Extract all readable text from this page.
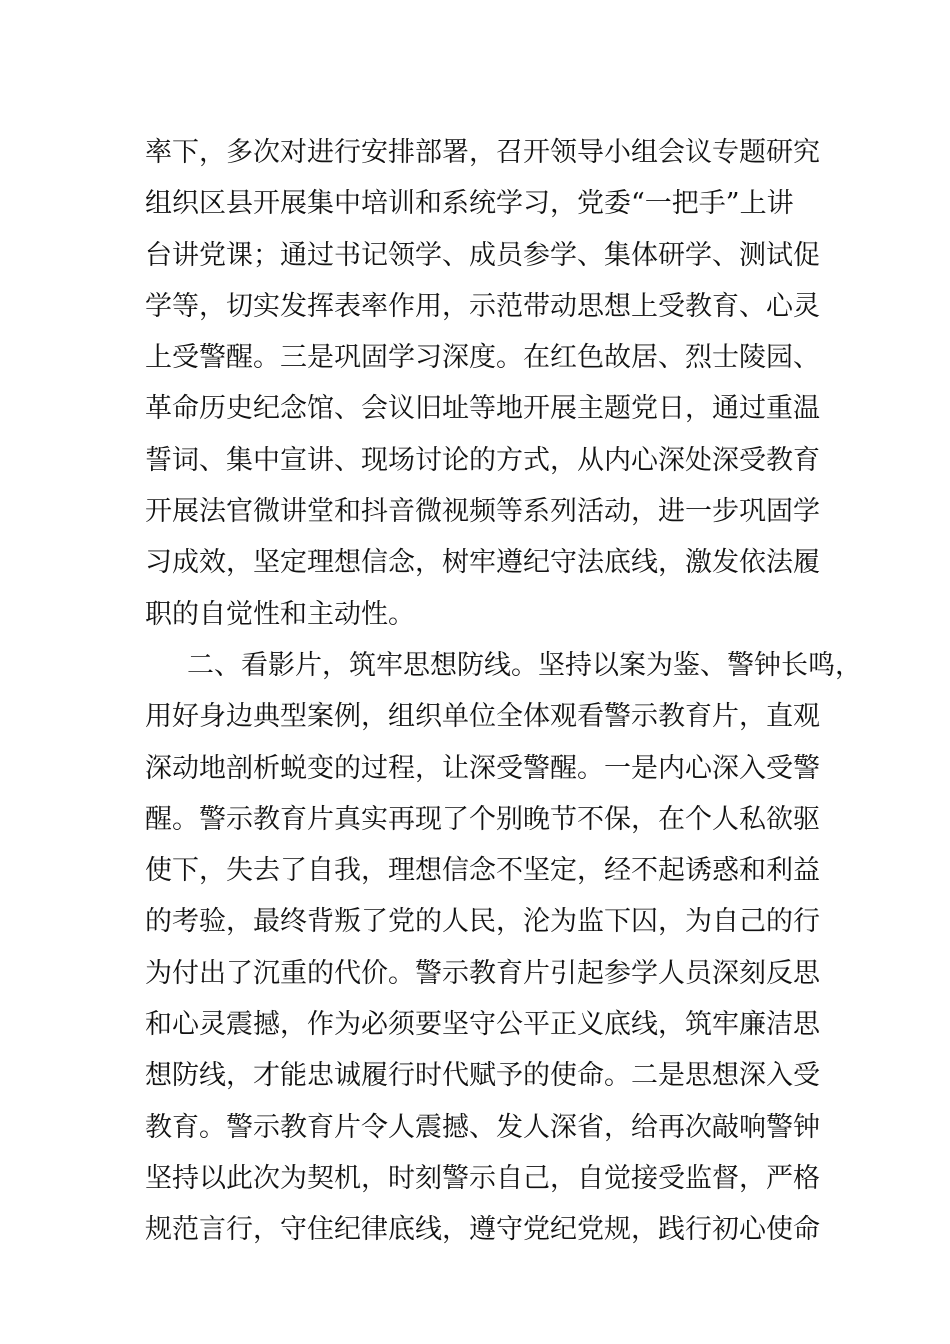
率下，多次对进行安排部署，召开领导小组会议专题研究
组织区县开展集中培训和系统学习，党委“一把手”上讲
台讲党课；通过书记领学、成员参学、集体研学、测试促
学等，切实发挥表率作用，示范带动思想上受教育、心灵
上受警醒。三是巩固学习深度。在红色故居、烈士陵园、
革命历史纪念馆、会议旧址等地开展主题党日，通过重温
誓词、集中宣讲、现场讨论的方式，从内心深处深受教育
开展法官微讲堂和抖音微视频等系列活动，进一步巩固学
习成效，坚定理想信念，树牢遵纪守法底线，激发依法履
职的自觉性和主动性。
二、看影片，筑牢思想防线。坚持以案为鉴、警钟长鸣，
用好身边典型案例，组织单位全体观看警示教育片，直观
深动地剖析蜕变的过程，让深受警醒。一是内心深入受警
醒。警示教育片真实再现了个别晚节不保，在个人私欲驱
使下，失去了自我，理想信念不坚定，经不起诱惑和利益
的考验，最终背叛了党的人民，沦为监下囚，为自己的行
为付出了沉重的代价。警示教育片引起参学人员深刻反思
和心灵震撼，作为必须要坚守公平正义底线，筑牢廉洁思
想防线，才能忠诚履行时代赋予的使命。二是思想深入受
教育。警示教育片令人震撼、发人深省，给再次敲响警钟
坚持以此次为契机，时刻警示自己，自觉接受监督，严格
规范言行，守住纪律底线，遵守党纪党规，践行初心使命
